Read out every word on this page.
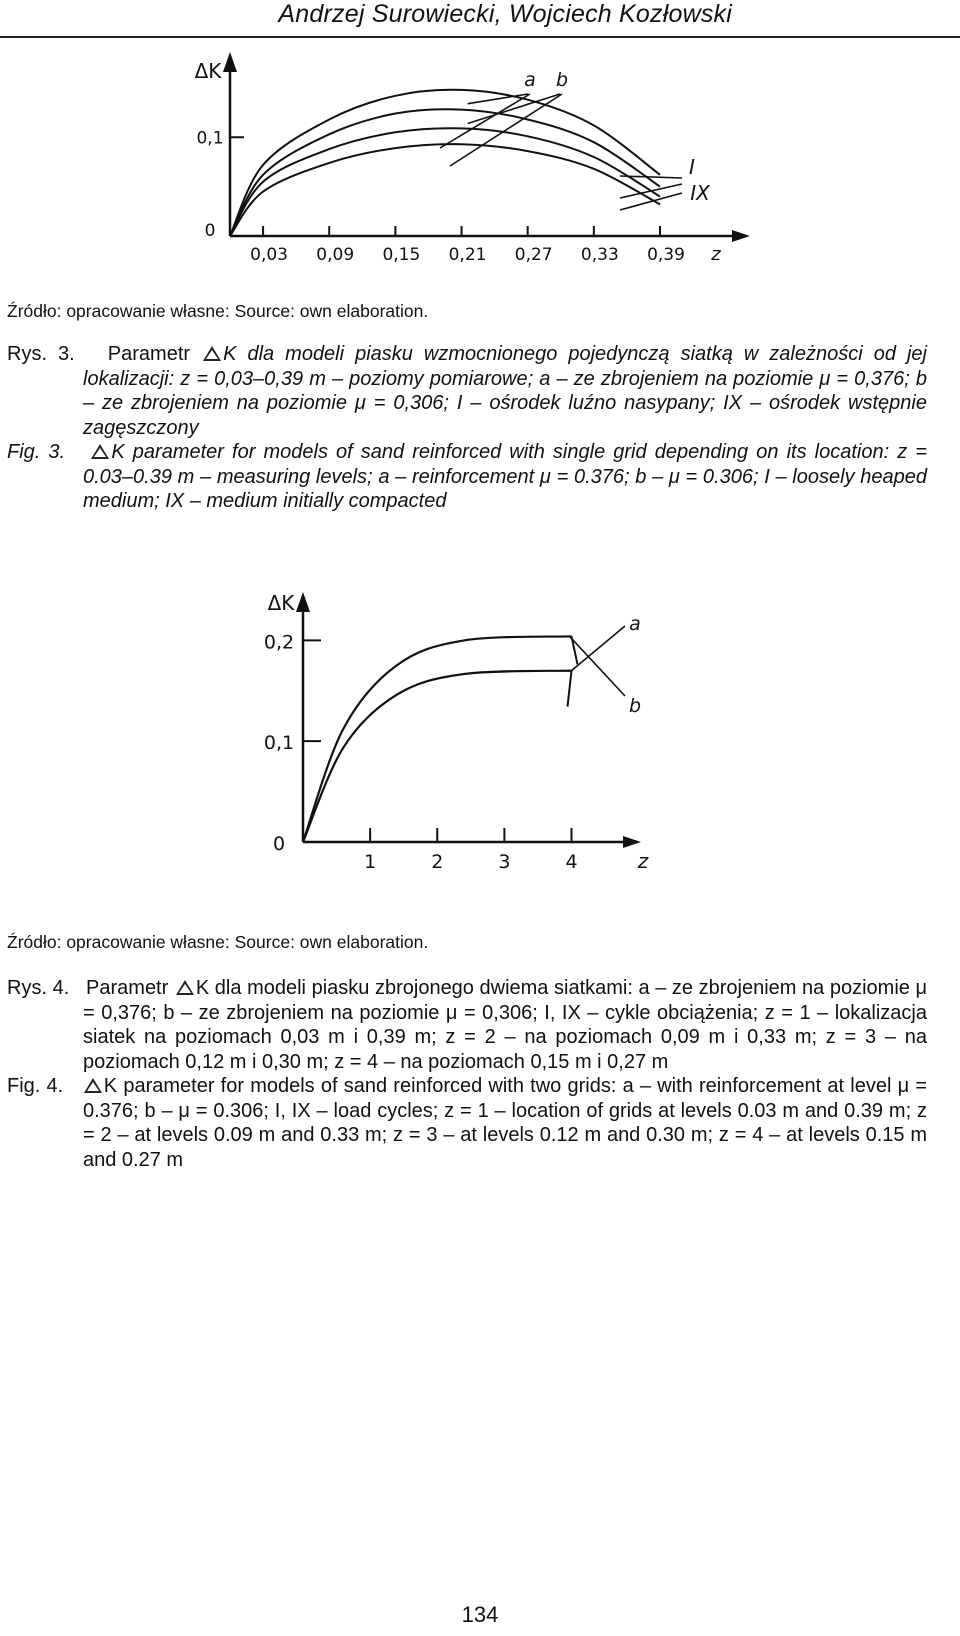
Andrzej Surowiecki, Wojciech Kozłowski
ΔK
0
0,1
0,03 0,09 0,15 0,21 0,27 0,33 0,39 z
a b
I
IX
Źródło: opracowanie własne: Source: own elaboration.

Rys. 3. Parametr K dla modeli piasku wzmocnionego pojedynczą siatką w zależności od jej lokalizacji: z = 0,03–0,39 m – poziomy pomiarowe; a – ze zbrojeniem na poziomie μ = 0,376; b – ze zbrojeniem na poziomie μ = 0,306; I – ośrodek luźno nasypany; IX – ośrodek wstępnie zagęszczony

Fig. 3. K parameter for models of sand reinforced with single grid depending on its location: z = 0.03–0.39 m – measuring levels; a – reinforcement μ = 0.376; b – μ = 0.306; I – loosely heaped medium; IX – medium initially compacted

ΔK
0
0,1
0,2
1	2	3	4	z
a
b
Źródło: opracowanie własne: Source: own elaboration.

Rys. 4. Parametr K dla modeli piasku zbrojonego dwiema siatkami: a – ze zbrojeniem na poziomie μ = 0,376; b – ze zbrojeniem na poziomie μ = 0,306; I, IX – cykle obciążenia; z = 1 – lokalizacja siatek na poziomach 0,03 m i 0,39 m; z = 2 – na poziomach 0,09 m i 0,33 m; z = 3 – na poziomach 0,12 m i 0,30 m; z = 4 – na poziomach 0,15 m i 0,27 m

Fig. 4. K parameter for models of sand reinforced with two grids: a – with reinforcement at level μ = 0.376; b – μ = 0.306; I, IX – load cycles; z = 1 – location of grids at levels 0.03 m and 0.39 m; z = 2 – at levels 0.09 m and 0.33 m; z = 3 – at levels 0.12 m and 0.30 m; z = 4 – at levels 0.15 m and 0.27 m

134
